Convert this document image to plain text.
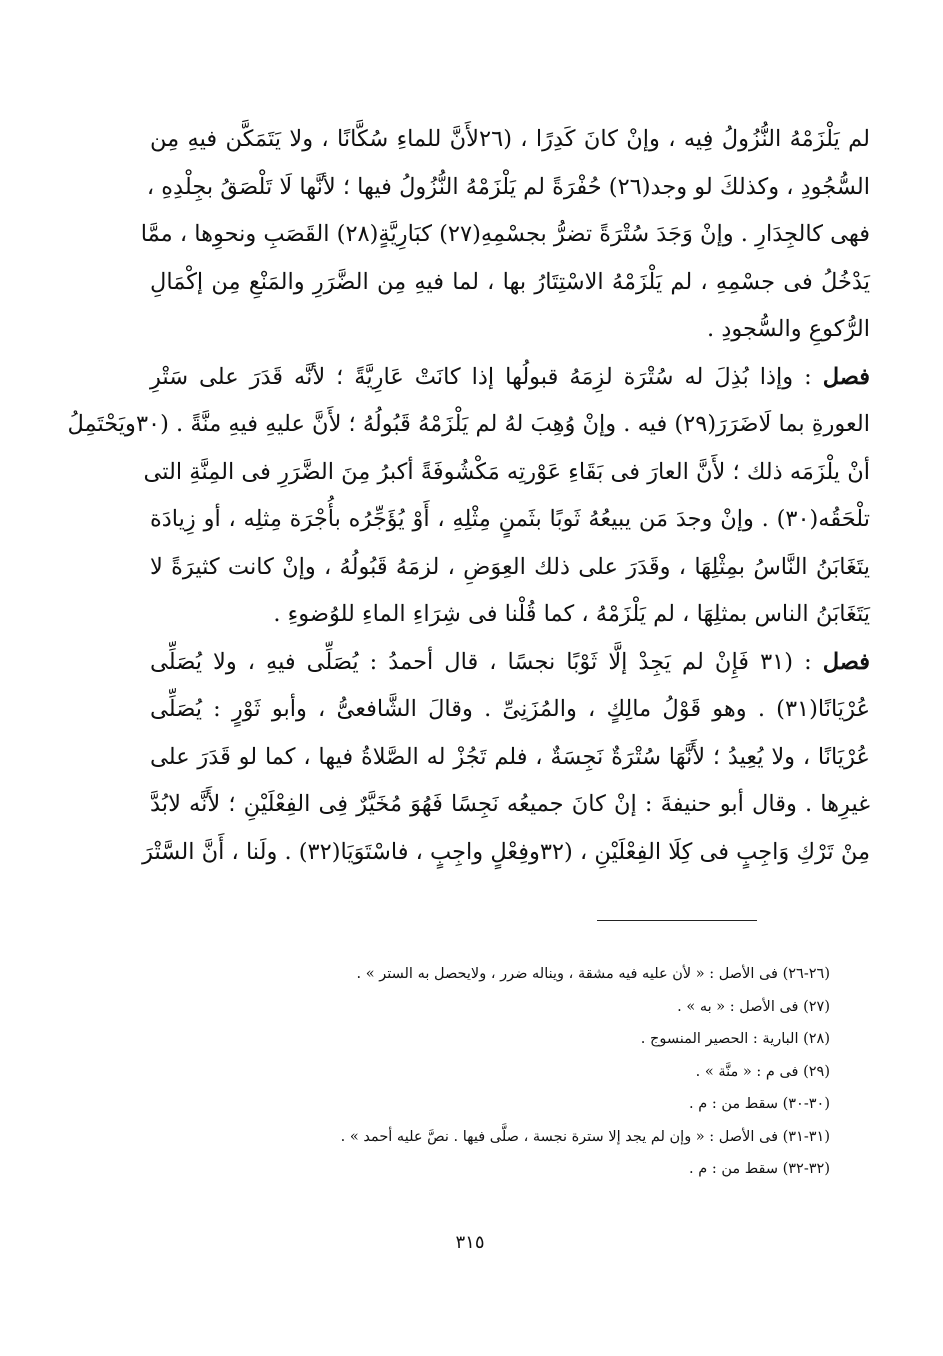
لم يَلْزَمْهُ النُّزُولُ فِيه ، وإنْ كانَ كَدِرًا ، (٢٦لأَنَّ للماءِ سُكَّانًا ، ولا يَتَمَكَّن فيهِ مِن
السُّجُودِ ، وكذلكَ لو وجد(٢٦) حُفْرَةً لم يَلْزَمْهُ النُّزُولُ فيها ؛ لأنَّها لَا تَلْصَقُ بجِلْدِهِ ،
فهى كالجِدَارِ . وإنْ وَجَدَ سُتْرَةً تضرُّ بجسْمِهِ(٢٧) كبَارِيَّةٍ(٢٨) القَصَبِ ونحوِها ، ممَّا
يَدْخُلُ فى جسْمِهِ ، لم يَلْزَمْهُ الاسْتِتَارُ بها ، لما فيهِ مِن الضَّرَرِ والمَنْعِ مِن إكْمَالِ
الرُّكوعِ والسُّجودِ .
فصل : وإذا بُذِلَ له سُتْرَة لزِمَهُ قبولُها إذا كانَتْ عَارِيَّةً ؛ لأنَّه قَدَرَ على سَتْرِ
العورةِ بما لَاضَرَرَ(٢٩) فيه . وإنْ وُهِبَ لهُ لم يَلْزَمْهُ قَبُولُهُ ؛ لأَنَّ عليهِ فيهِ منَّةً . (٣٠ويَحْتَمِلُ
أنْ يلْزَمَه ذلك ؛ لأَنَّ العارَ فى بَقَاءِ عَوْرتِه مَكْشُوفَةً أكبرُ مِنَ الضَّرَرِ فى المِنَّةِ التى
تلْحَقُه(٣٠) . وإنْ وجدَ مَن يبيعُهُ ثَوبًا بثَمنٍ مِثْلِهِ ، أَوْ يُؤَجِّرُه بأُجْرَة مِثلِه ، أو زِيادَة
يتَغَابَنُ النَّاسُ بمِثْلِهَا ، وقَدَرَ على ذلك العِوَضِ ، لزمَهُ قَبُولُهُ ، وإنْ كانت كثيرَةً لا
يَتَغَابَنُ الناس بمثلِهَا ، لم يَلْزَمْهُ ، كما قُلْنا فى شِرَاءِ الماءِ للوُضوءِ .
فصل : (٣١ فَإِنْ لم يَجِدْ إلَّا ثَوْبًا نجسًا ، قال أحمدُ : يُصَلِّى فيهِ ، ولا يُصَلِّى
عُرْيَانًا(٣١) . وهو قَوْلُ مالِكٍ ، والمُزَنِىِّ . وقالَ الشَّافعىُّ ، وأبو ثَوْرٍ : يُصَلِّى
عُرْيَانًا ، ولا يُعِيدُ ؛ لأَنَّهَا سُتْرَةٌ نَجِسَةٌ ، فلم تَجُزْ له الصَّلاةُ فيها ، كما لو قَدَرَ على
غيرِها . وقال أبو حنيفةَ : إنْ كانَ جميعُه نَجِسًا فَهُوَ مُخَيَّرٌ فِى الفِعْلَيْنِ ؛ لأَنَّه لابُدَّ
مِنْ تَرْكِ وَاجِبٍ فى كِلَا الفِعْلَيْنِ ، (٣٢وفِعْلٍ واجِبٍ ، فاسْتَوَيَا(٣٢) . ولَنا ، أَنَّ السَّتْرَ
(٢٦-٢٦) فى الأصل : « لأن عليه فيه مشقة ، ويناله ضرر ، ولايحصل به الستر » .
(٢٧) فى الأصل : « به » .
(٢٨) البارية : الحصير المنسوج .
(٢٩) فى م : « منَّة » .
(٣٠-٣٠) سقط من : م .
(٣١-٣١) فى الأصل : « وإن لم يجد إلا سترة نجسة ، صلَّى فيها . نصَّ عليه أحمد » .
(٣٢-٣٢) سقط من : م .
٣١٥
